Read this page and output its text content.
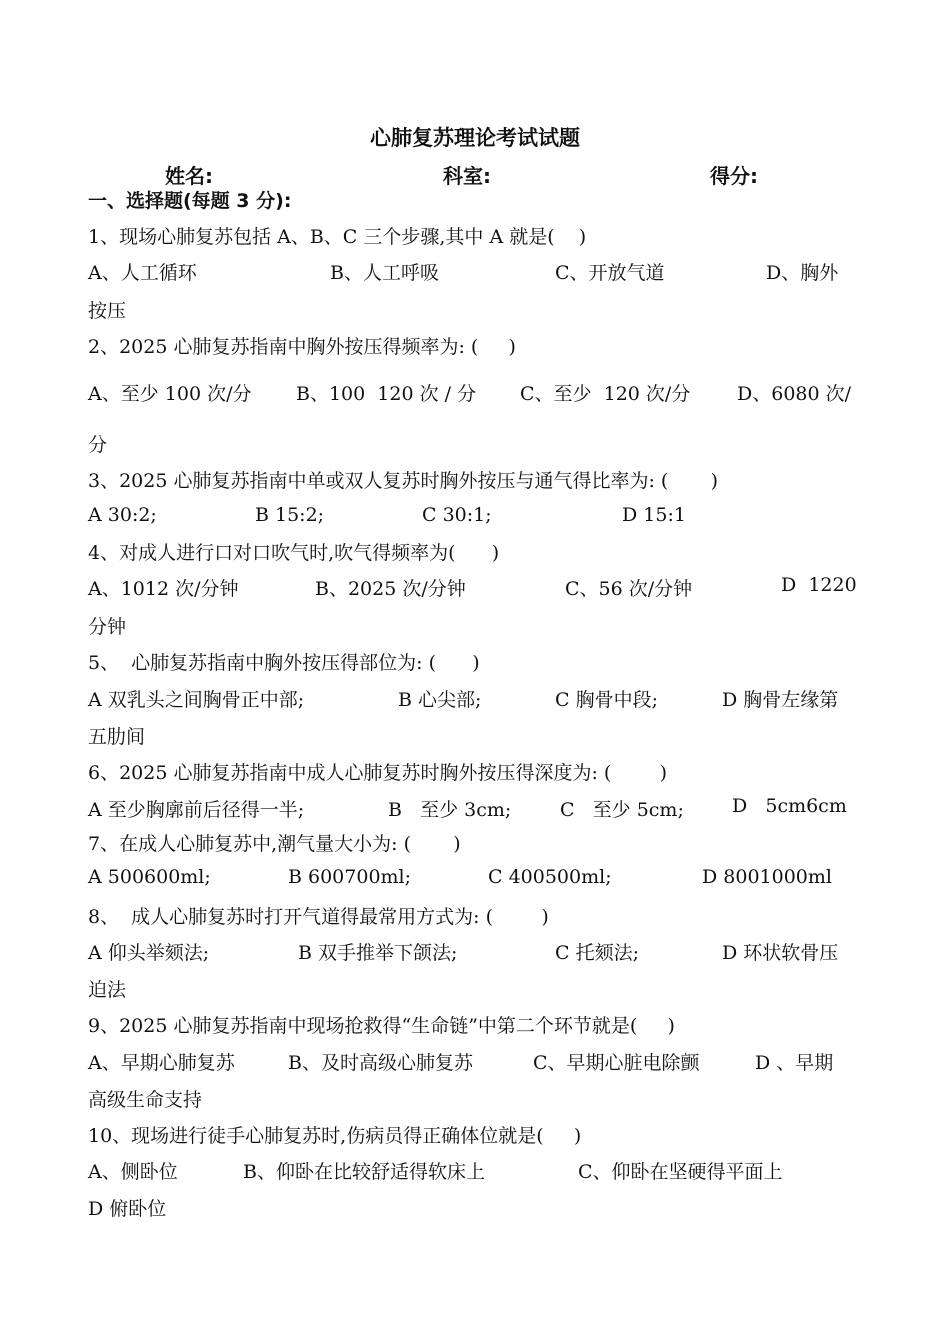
心肺复苏理论考试试题
姓名:	科室:	得分:
一、选择题(每题 3 分):
1、现场心肺复苏包括 A、B、C 三个步骤,其中 A 就是(    )
A、人工循环	B、人工呼吸	C、开放气道	D、胸外
按压
2、2025 心肺复苏指南中胸外按压得频率为: (     )
A、至少 100 次/分 B、100  120 次 / 分 C、至少  120 次/分 D、6080 次/
分
3、2025 心肺复苏指南中单或双人复苏时胸外按压与通气得比率为: (       )
A 30:2;	B 15:2;	C 30:1;	D 15:1
4、对成人进行口对口吹气时,吹气得频率为(      )
A、1012 次/分钟	B、2025 次/分钟	C、56 次/分钟	D  1220
分钟
5、  心肺复苏指南中胸外按压得部位为: (      )
A 双乳头之间胸骨正中部;	B 心尖部;	C 胸骨中段;	D 胸骨左缘第
五肋间
6、2025 心肺复苏指南中成人心肺复苏时胸外按压得深度为: (        )
A 至少胸廓前后径得一半;	B   至少 3cm;	C   至少 5cm;	D   5cm6cm
7、在成人心肺复苏中,潮气量大小为: (       )
A 500600ml;	B 600700ml;	C 400500ml;	D 8001000ml
8、  成人心肺复苏时打开气道得最常用方式为: (        )
A 仰头举颏法;	B 双手推举下颌法;	C 托颏法;	D 环状软骨压
迫法
9、2025 心肺复苏指南中现场抢救得“生命链”中第二个环节就是(     )
A、早期心肺复苏	B、及时高级心肺复苏	C、早期心脏电除颤	D 、早期
高级生命支持
10、现场进行徒手心肺复苏时,伤病员得正确体位就是(     )
A、侧卧位	B、仰卧在比较舒适得软床上	C、仰卧在坚硬得平面上
D 俯卧位
